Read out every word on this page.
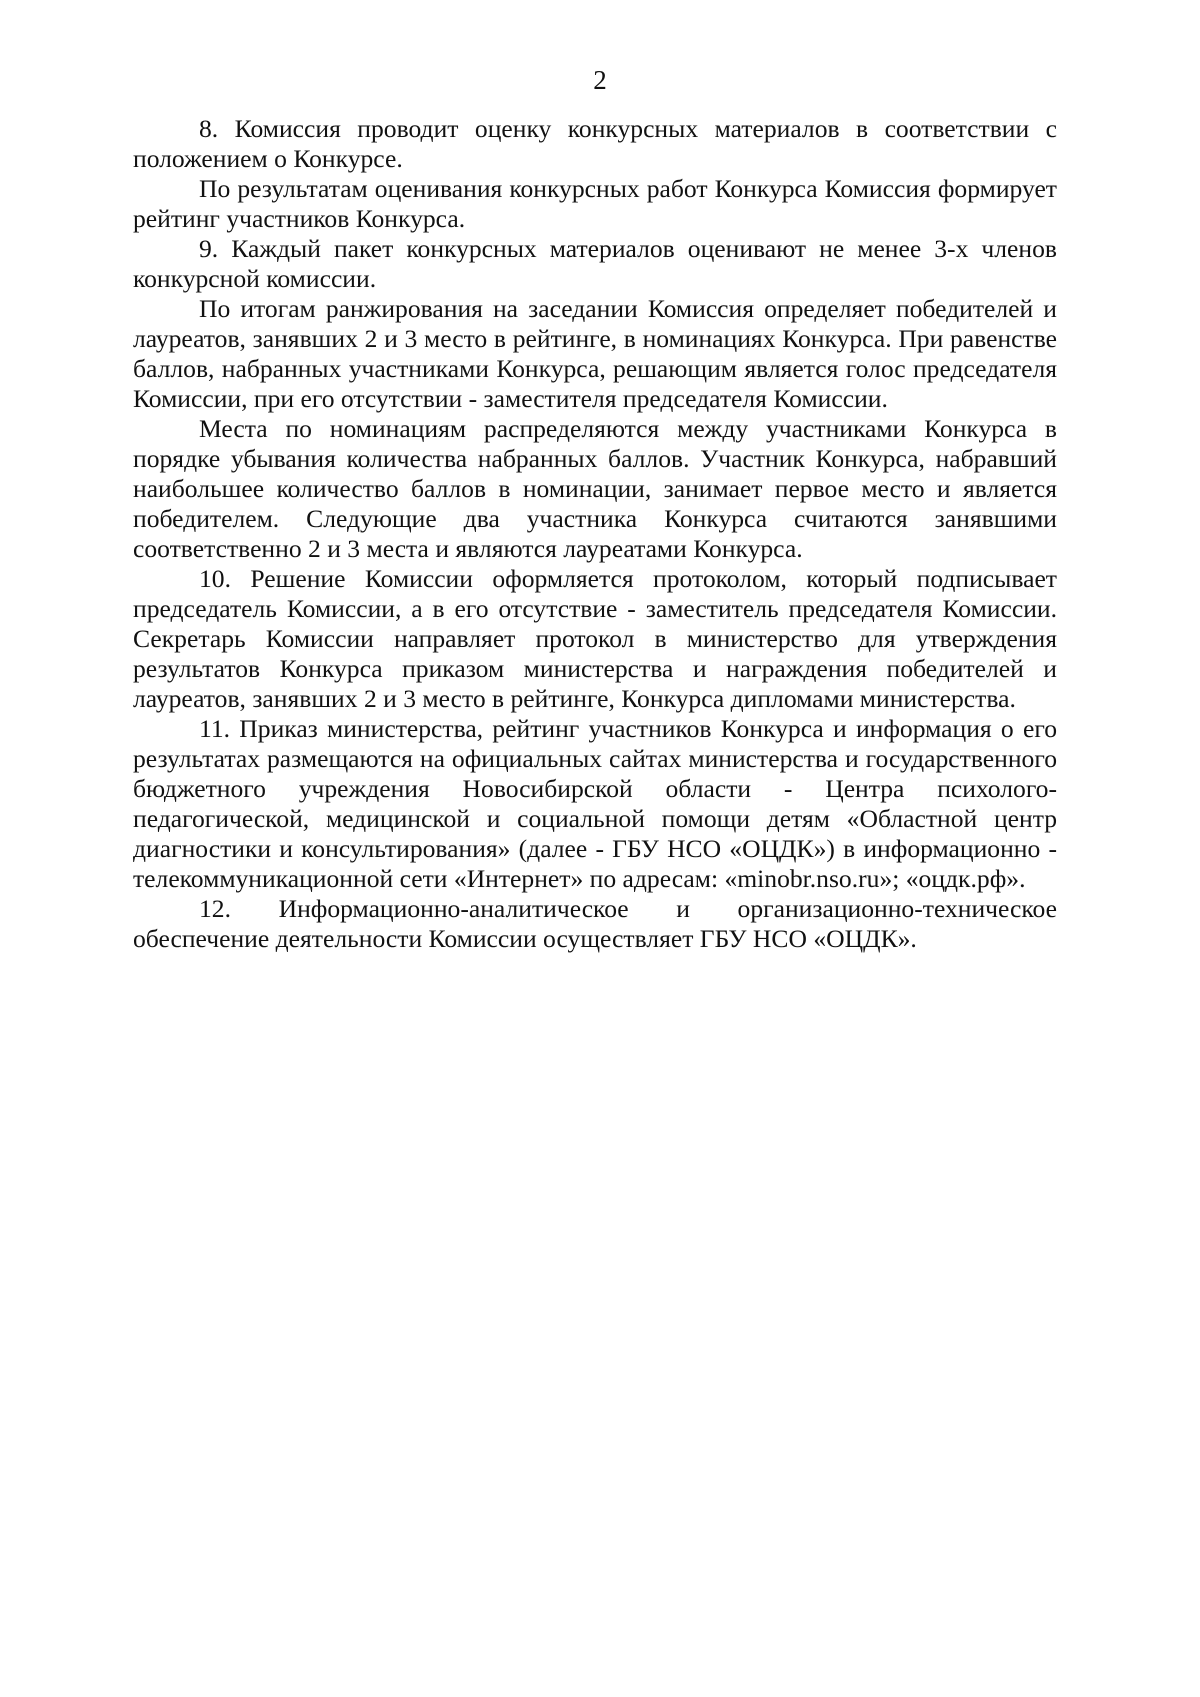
2

8. Комиссия проводит оценку конкурсных материалов в соответствии с положением о Конкурсе.

По результатам оценивания конкурсных работ Конкурса Комиссия формирует рейтинг участников Конкурса.

9. Каждый пакет конкурсных материалов оценивают не менее 3-х членов конкурсной комиссии.

По итогам ранжирования на заседании Комиссия определяет победителей и лауреатов, занявших 2 и 3 место в рейтинге, в номинациях Конкурса. При равенстве баллов, набранных участниками Конкурса, решающим является голос председателя Комиссии, при его отсутствии - заместителя председателя Комиссии.

Места по номинациям распределяются между участниками Конкурса в порядке убывания количества набранных баллов. Участник Конкурса, набравший наибольшее количество баллов в номинации, занимает первое место и является победителем. Следующие два участника Конкурса считаются занявшими соответственно 2 и 3 места и являются лауреатами Конкурса.

10. Решение Комиссии оформляется протоколом, который подписывает председатель Комиссии, а в его отсутствие - заместитель председателя Комиссии. Секретарь Комиссии направляет протокол в министерство для утверждения результатов Конкурса приказом министерства и награждения победителей и лауреатов, занявших 2 и 3 место в рейтинге, Конкурса дипломами министерства.

11. Приказ министерства, рейтинг участников Конкурса и информация о его результатах размещаются на официальных сайтах министерства и государственного бюджетного учреждения Новосибирской области - Центра психолого-педагогической, медицинской и социальной помощи детям «Областной центр диагностики и консультирования» (далее - ГБУ НСО «ОЦДК») в информационно - телекоммуникационной сети «Интернет» по адресам: «minobr.nso.ru»; «оцдк.рф».

12. Информационно-аналитическое и организационно-техническое обеспечение деятельности Комиссии осуществляет ГБУ НСО «ОЦДК».
